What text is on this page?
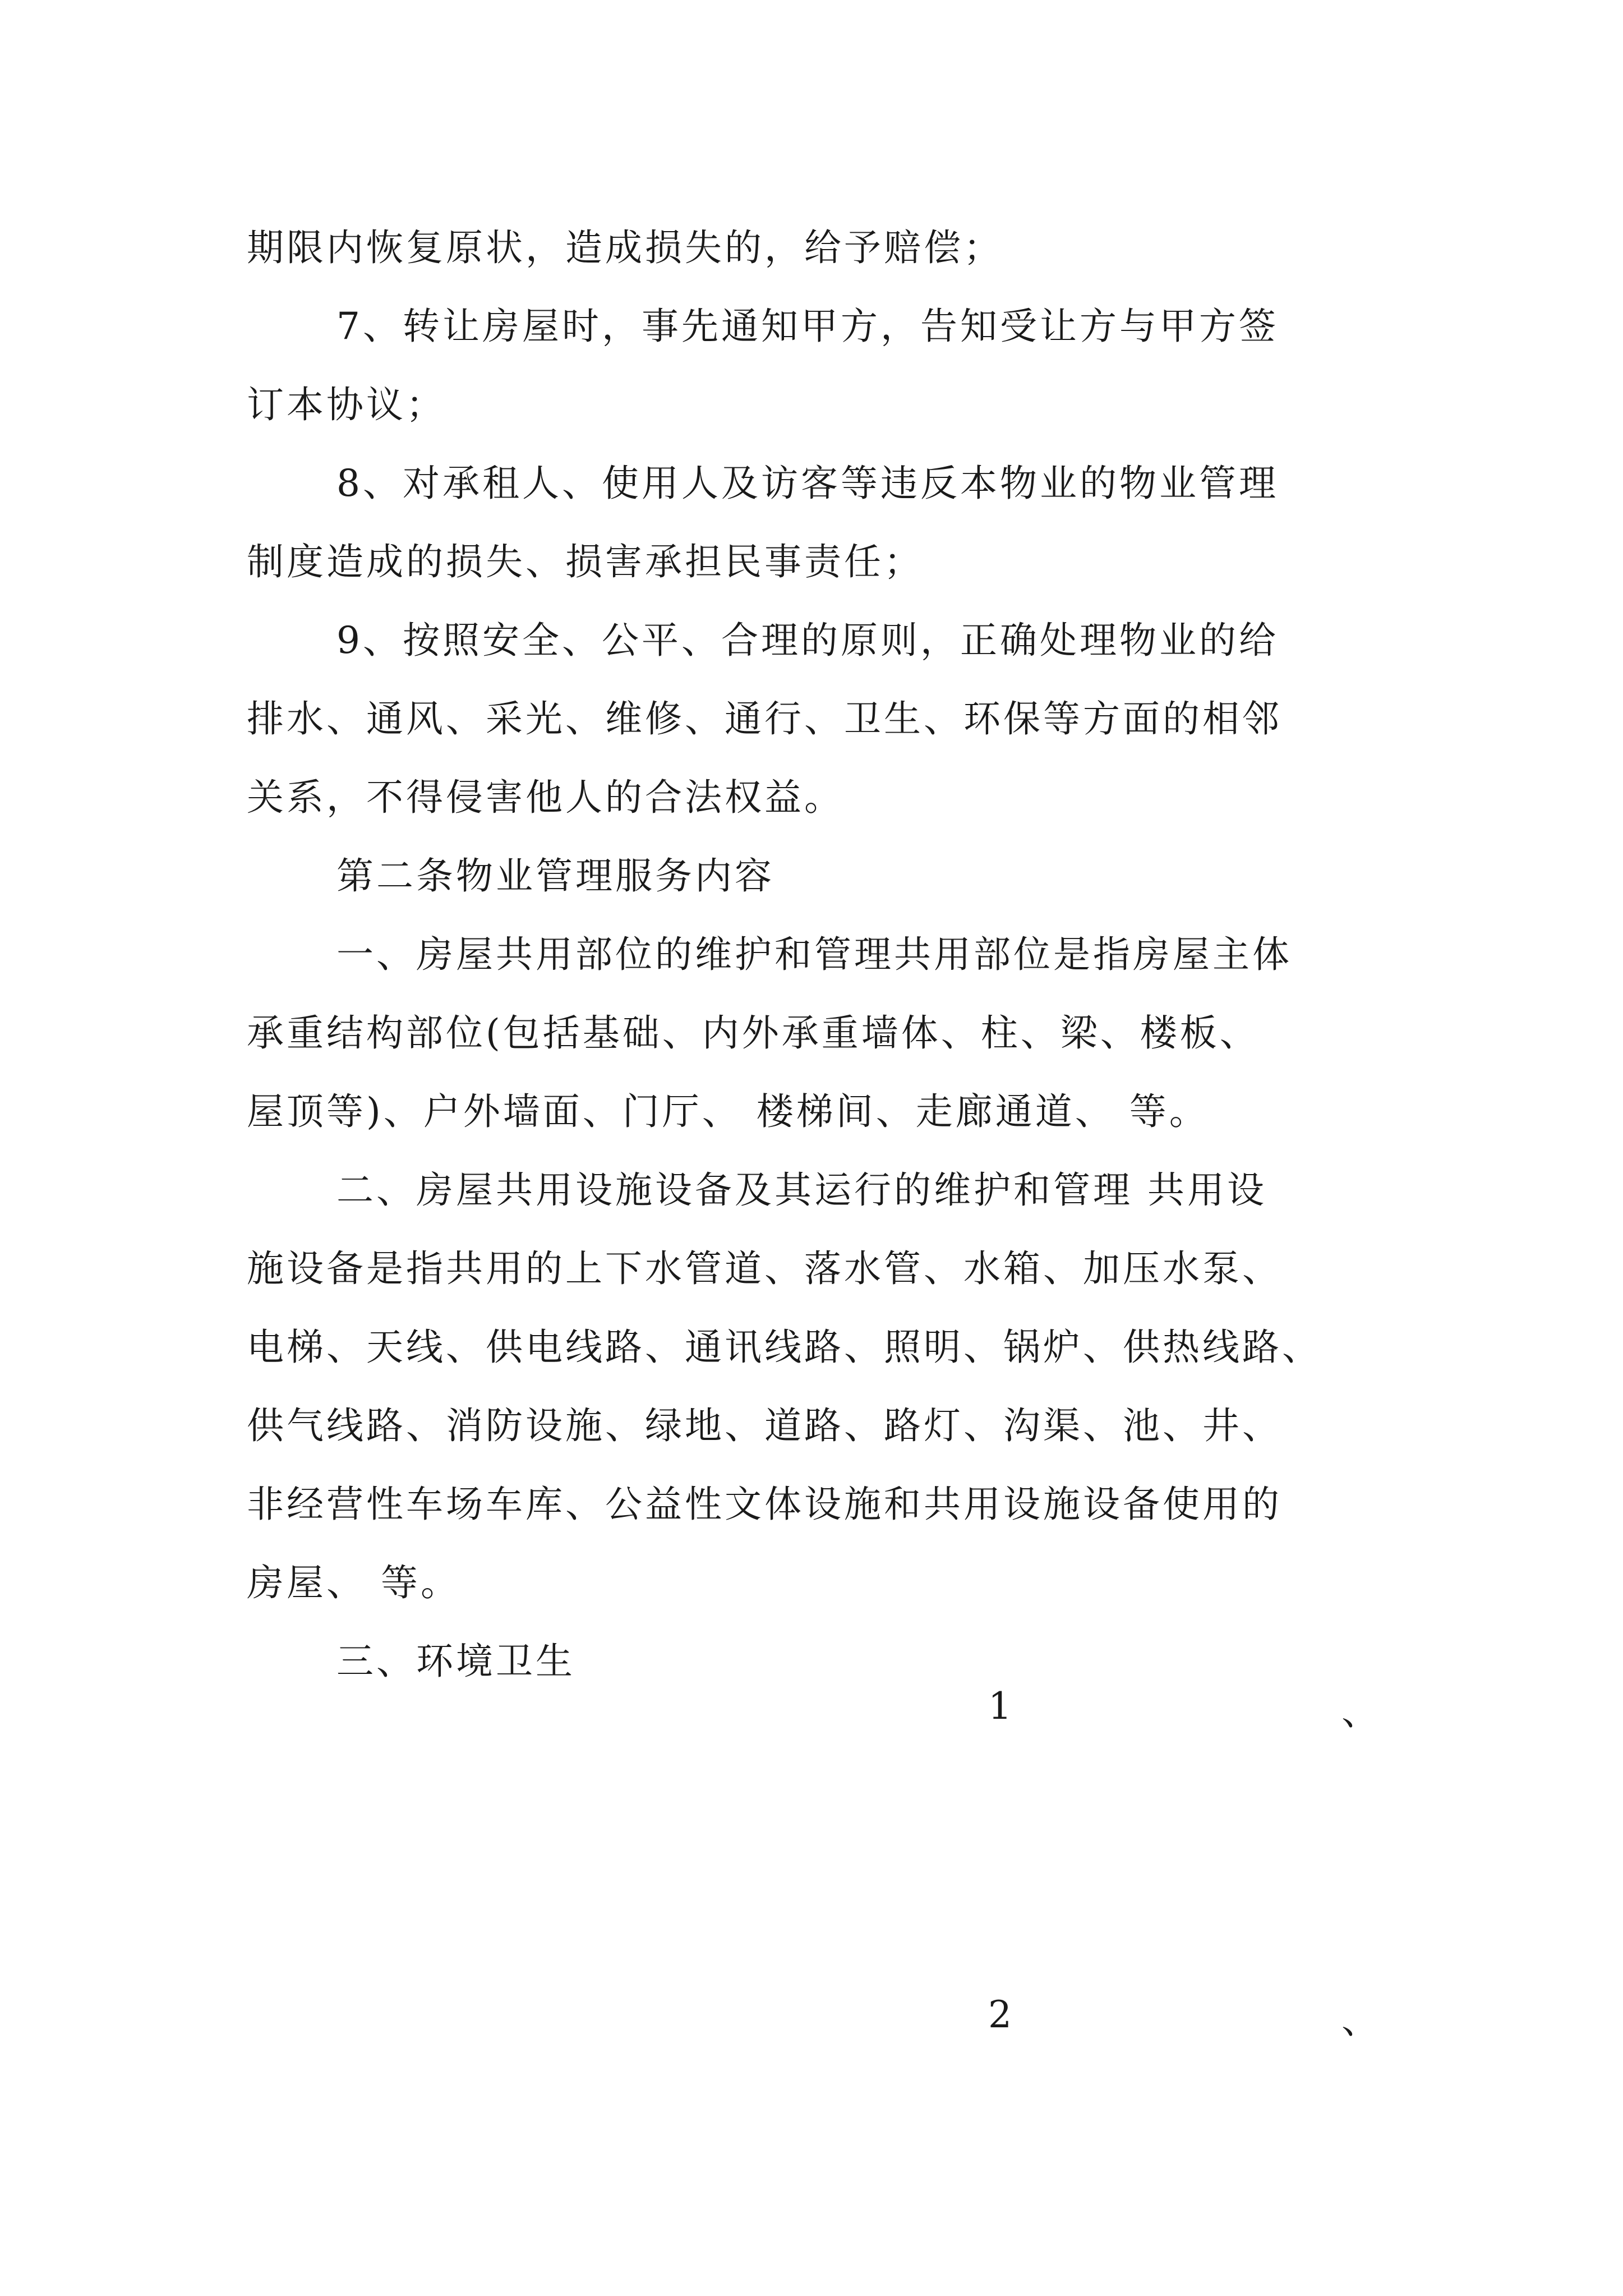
期限内恢复原状，造成损失的，给予赔偿；
7、转让房屋时，事先通知甲方，告知受让方与甲方签
订本协议；
8、对承租人、使用人及访客等违反本物业的物业管理
制度造成的损失、损害承担民事责任；
9、按照安全、公平、合理的原则，正确处理物业的给
排水、通风、采光、维修、通行、卫生、环保等方面的相邻
关系，不得侵害他人的合法权益。
第二条物业管理服务内容
一、房屋共用部位的维护和管理共用部位是指房屋主体
承重结构部位(包括基础、内外承重墙体、柱、梁、楼板、
屋顶等)、户外墙面、门厅、 楼梯间、走廊通道、 等。
二、房屋共用设施设备及其运行的维护和管理 共用设
施设备是指共用的上下水管道、落水管、水箱、加压水泵、
电梯、天线、供电线路、通讯线路、照明、锅炉、供热线路、
供气线路、消防设施、绿地、道路、路灯、沟渠、池、井、
非经营性车场车库、公益性文体设施和共用设施设备使用的
房屋、 等。
三、环境卫生
1	、
2	、
